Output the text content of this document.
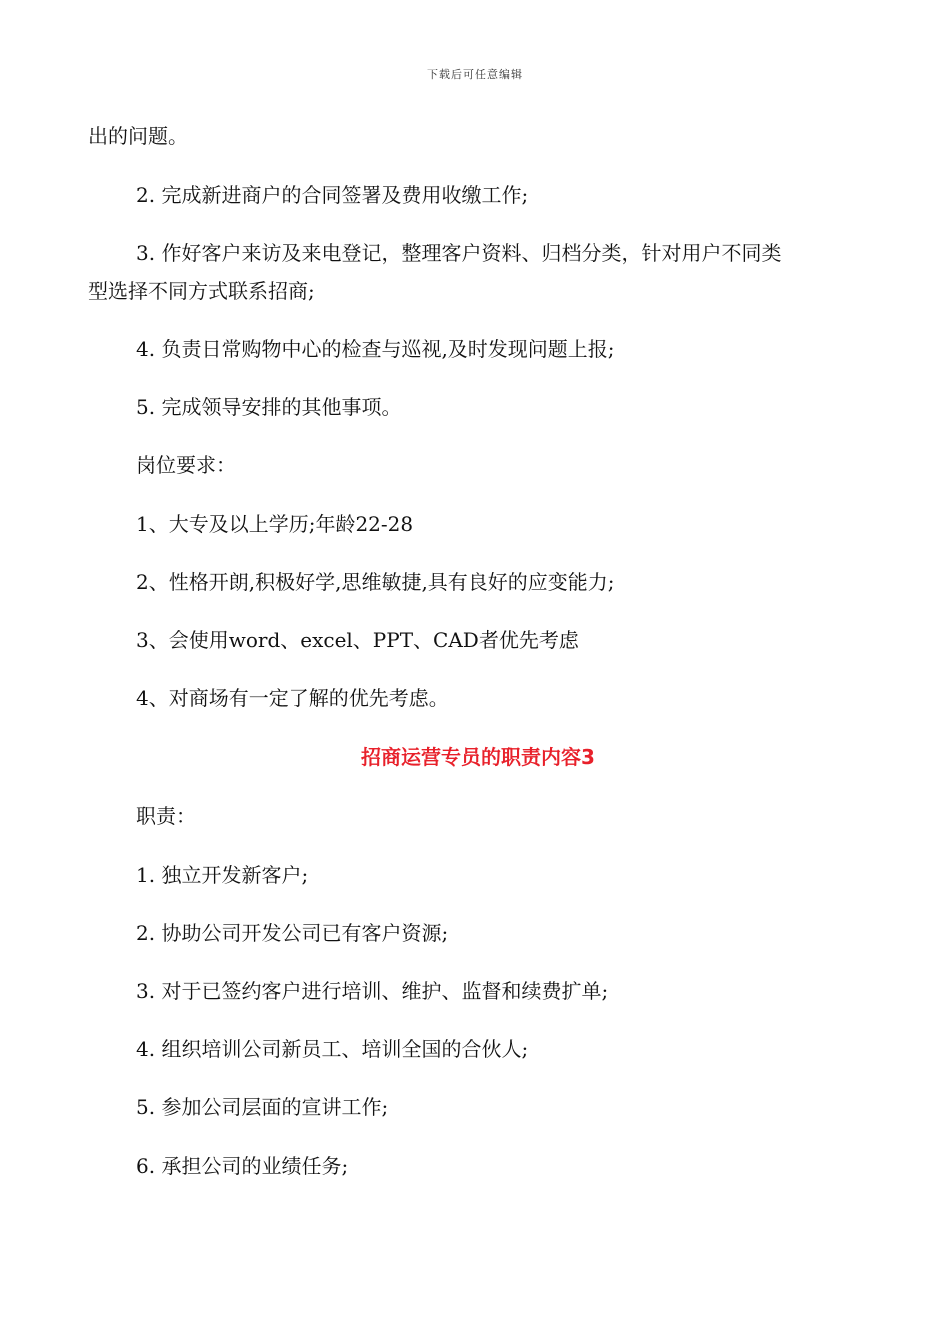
下载后可任意编辑
出的问题。
2. 完成新进商户的合同签署及费用收缴工作;
3. 作好客户来访及来电登记，整理客户资料、归档分类，针对用户不同类
型选择不同方式联系招商;
4. 负责日常购物中心的检查与巡视,及时发现问题上报;
5. 完成领导安排的其他事项。
岗位要求：
1、大专及以上学历;年龄22-28
2、性格开朗,积极好学,思维敏捷,具有良好的应变能力;
3、会使用word、excel、PPT、CAD者优先考虑
4、对商场有一定了解的优先考虑。
招商运营专员的职责内容3
职责：
1. 独立开发新客户;
2. 协助公司开发公司已有客户资源;
3. 对于已签约客户进行培训、维护、监督和续费扩单;
4. 组织培训公司新员工、培训全国的合伙人;
5. 参加公司层面的宣讲工作;
6. 承担公司的业绩任务;
